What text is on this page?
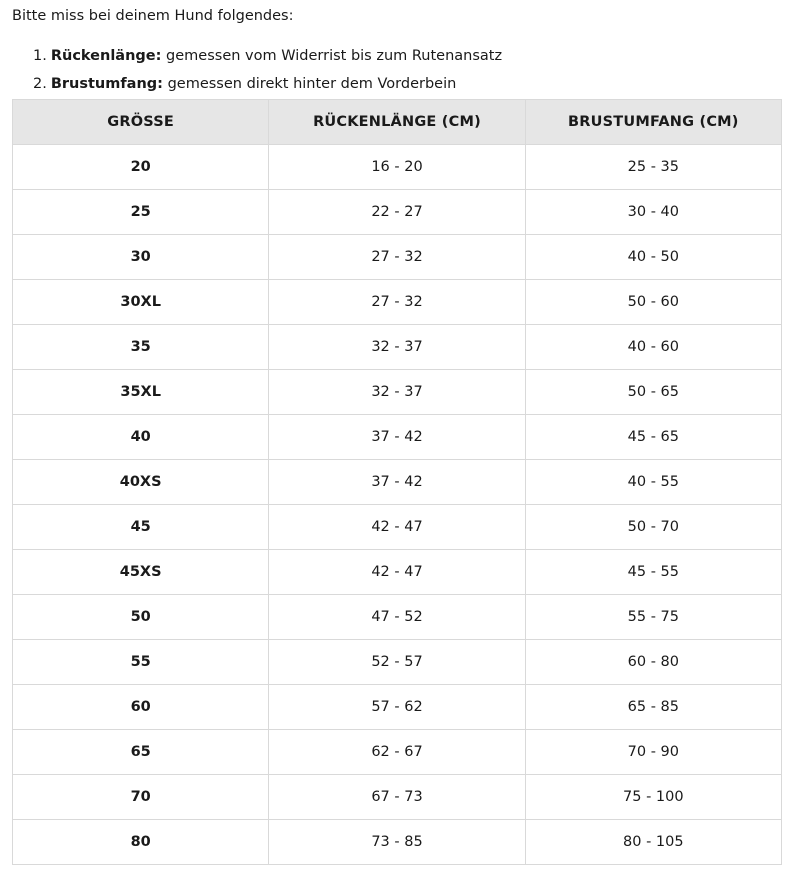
Bitte miss bei deinem Hund folgendes:

1. Rückenlänge: gemessen vom Widerrist bis zum Rutenansatz
2. Brustumfang: gemessen direkt hinter dem Vorderbein
GRÖSSE	RÜCKENLÄNGE (CM)	BRUSTUMFANG (CM)
20	16 - 20	25 - 35
25	22 - 27	30 - 40
30	27 - 32	40 - 50
30XL	27 - 32	50 - 60
35	32 - 37	40 - 60
35XL	32 - 37	50 - 65
40	37 - 42	45 - 65
40XS	37 - 42	40 - 55
45	42 - 47	50 - 70
45XS	42 - 47	45 - 55
50	47 - 52	55 - 75
55	52 - 57	60 - 80
60	57 - 62	65 - 85
65	62 - 67	70 - 90
70	67 - 73	75 - 100
80	73 - 85	80 - 105
